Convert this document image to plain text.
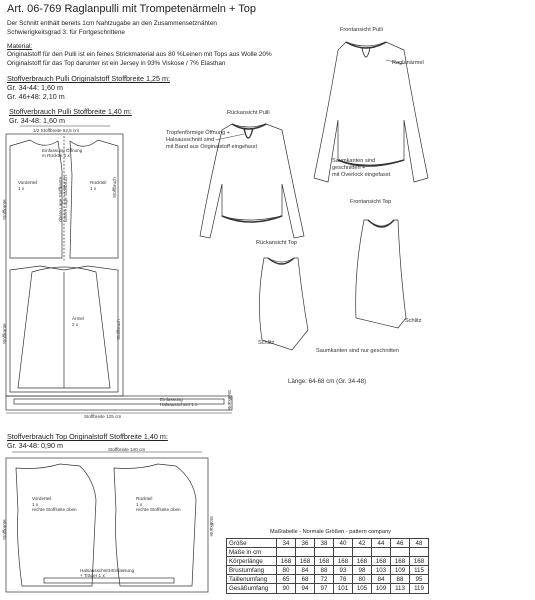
Art. 06-769 Raglanpulli mit Trompetenärmeln + Top
Der Schnitt enthält bereits 1cm Nahtzugabe an den Zusammensetznähten
Schwierigkeitsgrad 3: für Fortgeschrittene
Material:
Originalstoff für den Pulli ist ein feines Strickmaterial aus 80 %Leinen mit Tops aus Wolle 20%
Originalstoff für das Top darunter ist ein Jersey in 93% Viskose / 7% Elasthan
Stoffverbrauch Pulli Originalstoff Stoffbreite 1,25 m:
Gr. 34-44: 1,60 m
Gr. 46+48: 2,10 m
Stoffverbrauch Pulli Stoffbreite 1,40 m:
Gr. 34-48: 1,60 m
Stoffverbrauch Top Originalstoff Stoffbreite 1,40 m:
Gr. 34-48: 0,90 m
1/2 Stoffbreite 62,5 cm
Einfassung Öffnung
m Rücktei 1 x
Vorderteil
1 x
Rückteil
1 x	Stoffbruch
Stoffkante	obere Lage Stoffkante
untere Lage Stoffbruch
Ärmel
2 x
Stoffkante	Stoffbruch
Stoffkante
Einfassung
Halsausschnitt 1 x
Stoffbreite 125 cm
Stoffbreite 140 cm
Vorderteil
1 x
rechte Stoffseite oben
Rückteil
1 x
rechte Stoffseite oben
Halsausschnitt-Einfassung
+ Träger 1 x
Stoffkante	Stoffkante
Frontansicht Pulli
Raglanärmel
Rückansicht Pulli
Tropfenförmige Öffnung +
Halsausschnitt sind
mit Band aus Originalstoff eingefasst
Saumkanten sind
geschnitten +
mit Overlock eingefasst
Frontansicht Top
Rückansicht Top
Schlitz
Schlitz
Saumkanten sind nur geschnitten
Länge: 64-68 cm (Gr. 34-48)
Maßtabelle - Normale Größen - pattern company
Größe	34	36	38	40	42	44	46	48
Maße in cm								
Körperlänge	168	168	168	168	168	168	168	168
Brustumfang	80	84	88	93	98	103	109	115
Taillenumfang	65	68	72	76	80	84	88	95
Gesäßumfang	90	94	97	101	105	109	113	119
